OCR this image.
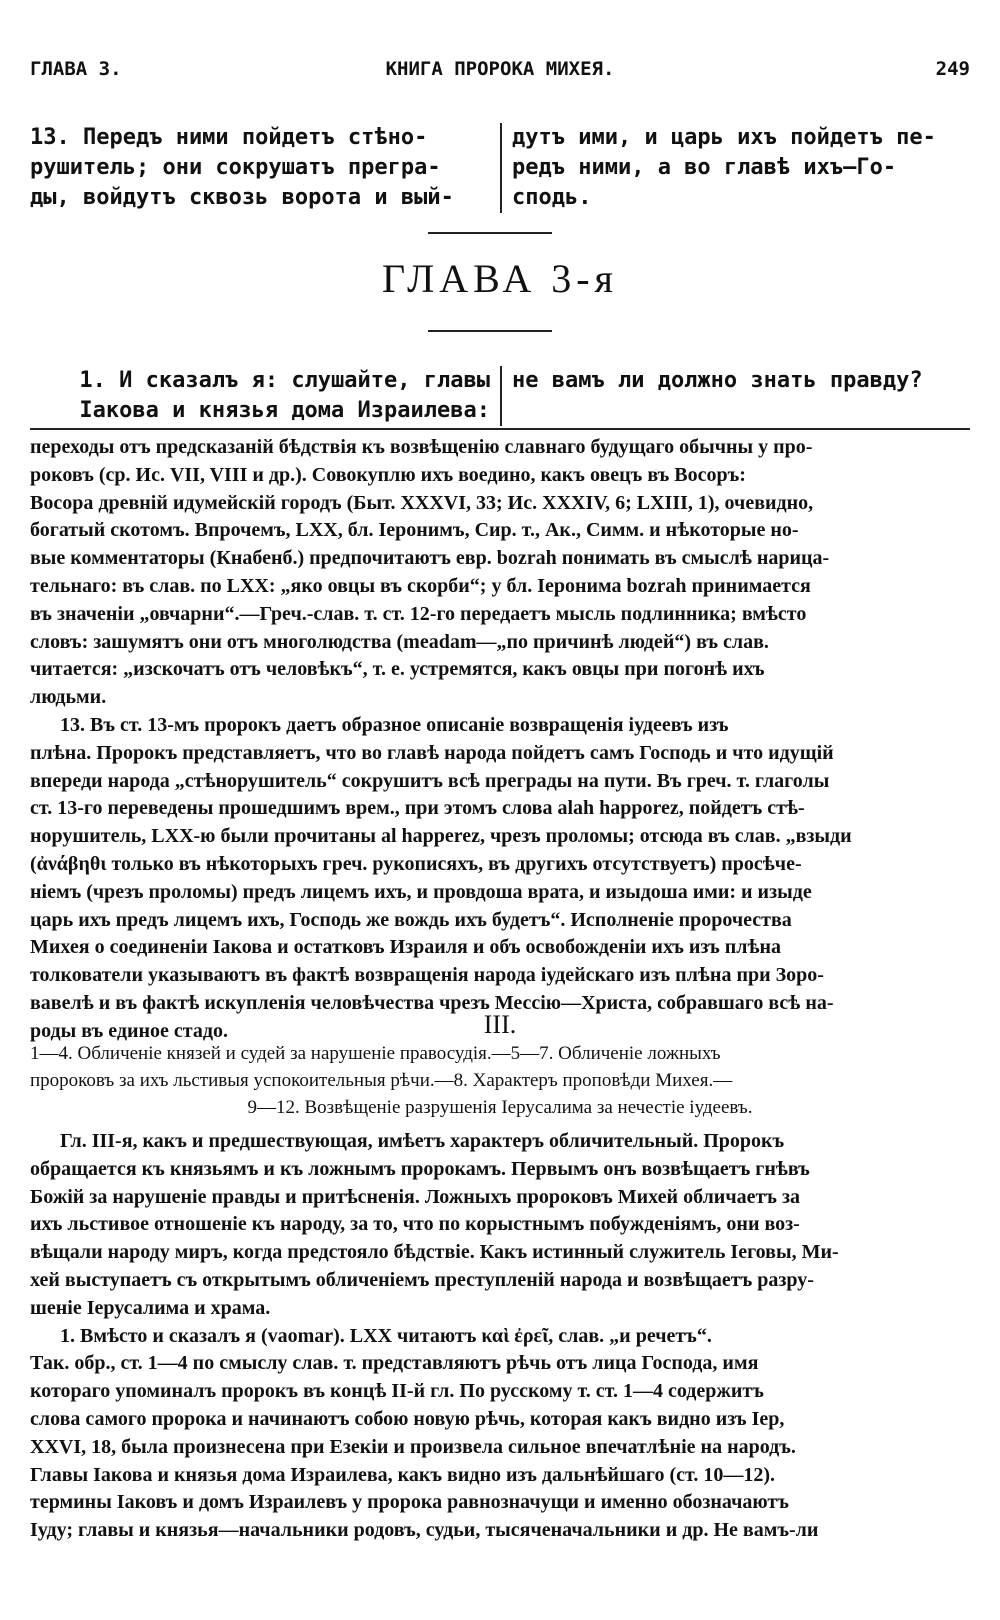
ГЛАВА 3.	КНИГА ПРОРОКА МИХЕЯ.	249
13. Передъ ними пойдетъ стѣно-
рушитель; они сокрушатъ прегра-
ды, войдутъ сквозь ворота и вый-
дутъ ими, и царь ихъ пойдетъ пе-
редъ ними, а во главѣ ихъ—Го-
сподь.
ГЛАВА 3-я
1. И сказалъ я: слушайте, главы
Іакова и князья дома Израилева:
не вамъ ли должно знать правду?
переходы отъ предсказаній бѣдствія къ возвѣщенію славнаго будущаго обычны у про-
роковъ (ср. Ис. VII, VIII и др.). Совокуплю ихъ воедино, какъ овецъ въ Восоръ:
Восора древній идумейскій городъ (Быт. XXXVI, 33; Ис. XXXIV, 6; LXIII, 1), очевидно,
богатый скотомъ. Впрочемъ, LXX, бл. Іеронимъ, Сир. т., Ак., Симм. и нѣкоторые но-
вые комментаторы (Кнабенб.) предпочитаютъ евр. bozrah понимать въ смыслѣ нарица-
тельнаго: въ слав. по LXX: „яко овцы въ скорби“; у бл. Іеронима bozrah принимается
въ значеніи „овчарни“.—Греч.-слав. т. ст. 12-го передаетъ мысль подлинника; вмѣсто
словъ: зашумятъ они отъ многолюдства (meadam—„по причинѣ людей“) въ слав.
читается: „изскочатъ отъ человѣкъ“, т. е. устремятся, какъ овцы при погонѣ ихъ
людьми.
13. Въ ст. 13-мъ пророкъ даетъ образное описаніе возвращенія іудеевъ изъ
плѣна. Пророкъ представляетъ, что во главѣ народа пойдетъ самъ Господь и что идущій
впереди народа „стѣнорушитель“ сокрушитъ всѣ преграды на пути. Въ греч. т. глаголы
ст. 13-го переведены прошедшимъ врем., при этомъ слова alah happorez, пойдетъ стѣ-
норушитель, LXX-ю были прочитаны al happerez, чрезъ проломы; отсюда въ слав. „взыди
(ἀνάβηθι только въ нѣкоторыхъ греч. рукописяхъ, въ другихъ отсутствуетъ) просѣче-
ніемъ (чрезъ проломы) предъ лицемъ ихъ, и провдоша врата, и изыдоша ими: и изыде
царь ихъ предъ лицемъ ихъ, Господь же вождь ихъ будетъ“. Исполненіе пророчества
Михея о соединеніи Іакова и остатковъ Израиля и объ освобожденіи ихъ изъ плѣна
толкователи указываютъ въ фактѣ возвращенія народа іудейскаго изъ плѣна при Зоро-
вавелѣ и въ фактѣ искупленія человѣчества чрезъ Мессію—Христа, собравшаго всѣ на-
роды въ единое стадо.	III.
1—4. Обличеніе князей и судей за нарушеніе правосудія.—5—7. Обличеніе ложныхъ
пророковъ за ихъ льстивыя успокоительныя рѣчи.—8. Характеръ проповѣди Михея.—
9—12. Возвѣщеніе разрушенія Іерусалима за нечестіе іудеевъ.
Гл. III-я, какъ и предшествующая, имѣетъ характеръ обличительный. Пророкъ
обращается къ князьямъ и къ ложнымъ пророкамъ. Первымъ онъ возвѣщаетъ гнѣвъ
Божій за нарушеніе правды и притѣсненія. Ложныхъ пророковъ Михей обличаетъ за
ихъ льстивое отношеніе къ народу, за то, что по корыстнымъ побужденіямъ, они воз-
вѣщали народу миръ, когда предстояло бѣдствіе. Какъ истинный служитель Іеговы, Ми-
хей выступаетъ съ открытымъ обличеніемъ преступленій народа и возвѣщаетъ разру-
шеніе Іерусалима и храма.
1. Вмѣсто и сказалъ я (vaomar). LXX читаютъ καὶ ἐρεῖ, слав. „и речетъ“.
Так. обр., ст. 1—4 по смыслу слав. т. представляютъ рѣчь отъ лица Господа, имя
котораго упоминалъ пророкъ въ концѣ II-й гл. По русскому т. ст. 1—4 содержитъ
слова самого пророка и начинаютъ собою новую рѣчь, которая какъ видно изъ Іер,
XXVI, 18, была произнесена при Езекіи и произвела сильное впечатлѣніе на народъ.
Главы Іакова и князья дома Израилева, какъ видно изъ дальнѣйшаго (ст. 10—12).
термины Іаковъ и домъ Израилевъ у пророка равнозначущи и именно обозначаютъ
Іуду; главы и князья—начальники родовъ, судьи, тысяченачальники и др. Не вамъ-ли
